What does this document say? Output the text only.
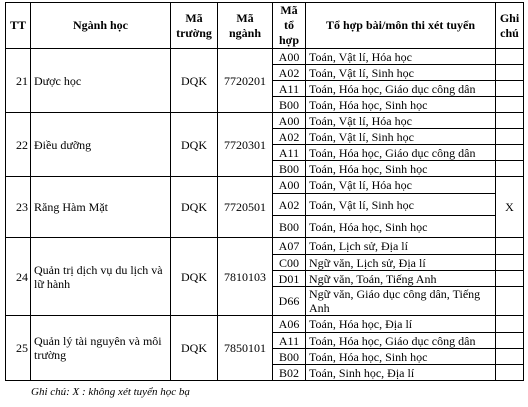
TT	Ngành học	Mã trường	Mã ngành	Mã tổ hợp	Tổ hợp bài/môn thi xét tuyển	Ghi chú
21	Dược học	DQK	7720201	A00	Toán, Vật lí, Hóa học	
				A02	Toán, Vật lí, Sinh học	
				A11	Toán, Hóa học, Giáo dục công dân	
				B00	Toán, Hóa học, Sinh học	
22	Điều dưỡng	DQK	7720301	A00	Toán, Vật lí, Hóa học	
				A02	Toán, Vật lí, Sinh học	
				A11	Toán, Hóa học, Giáo dục công dân	
				B00	Toán, Hóa học, Sinh học	
23	Răng Hàm Mặt	DQK	7720501	A00	Toán, Vật lí, Hóa học	X
				A02	Toán, Vật lí, Sinh học	
				B00	Toán, Hóa học, Sinh học	
24	Quản trị dịch vụ du lịch và lữ hành	DQK	7810103	A07	Toán, Lịch sử, Địa lí	
				C00	Ngữ văn, Lịch sử, Địa lí	
				D01	Ngữ văn, Toán, Tiếng Anh	
				D66	Ngữ văn, Giáo dục công dân, Tiếng Anh	
25	Quản lý tài nguyên và môi trường	DQK	7850101	A06	Toán, Hóa học, Địa lí	
				A11	Toán, Hóa học, Giáo dục công dân	
				B00	Toán, Hóa học, Sinh học	
				B02	Toán, Sinh học, Địa lí	
Ghi chú: X : không xét tuyển học bạ
